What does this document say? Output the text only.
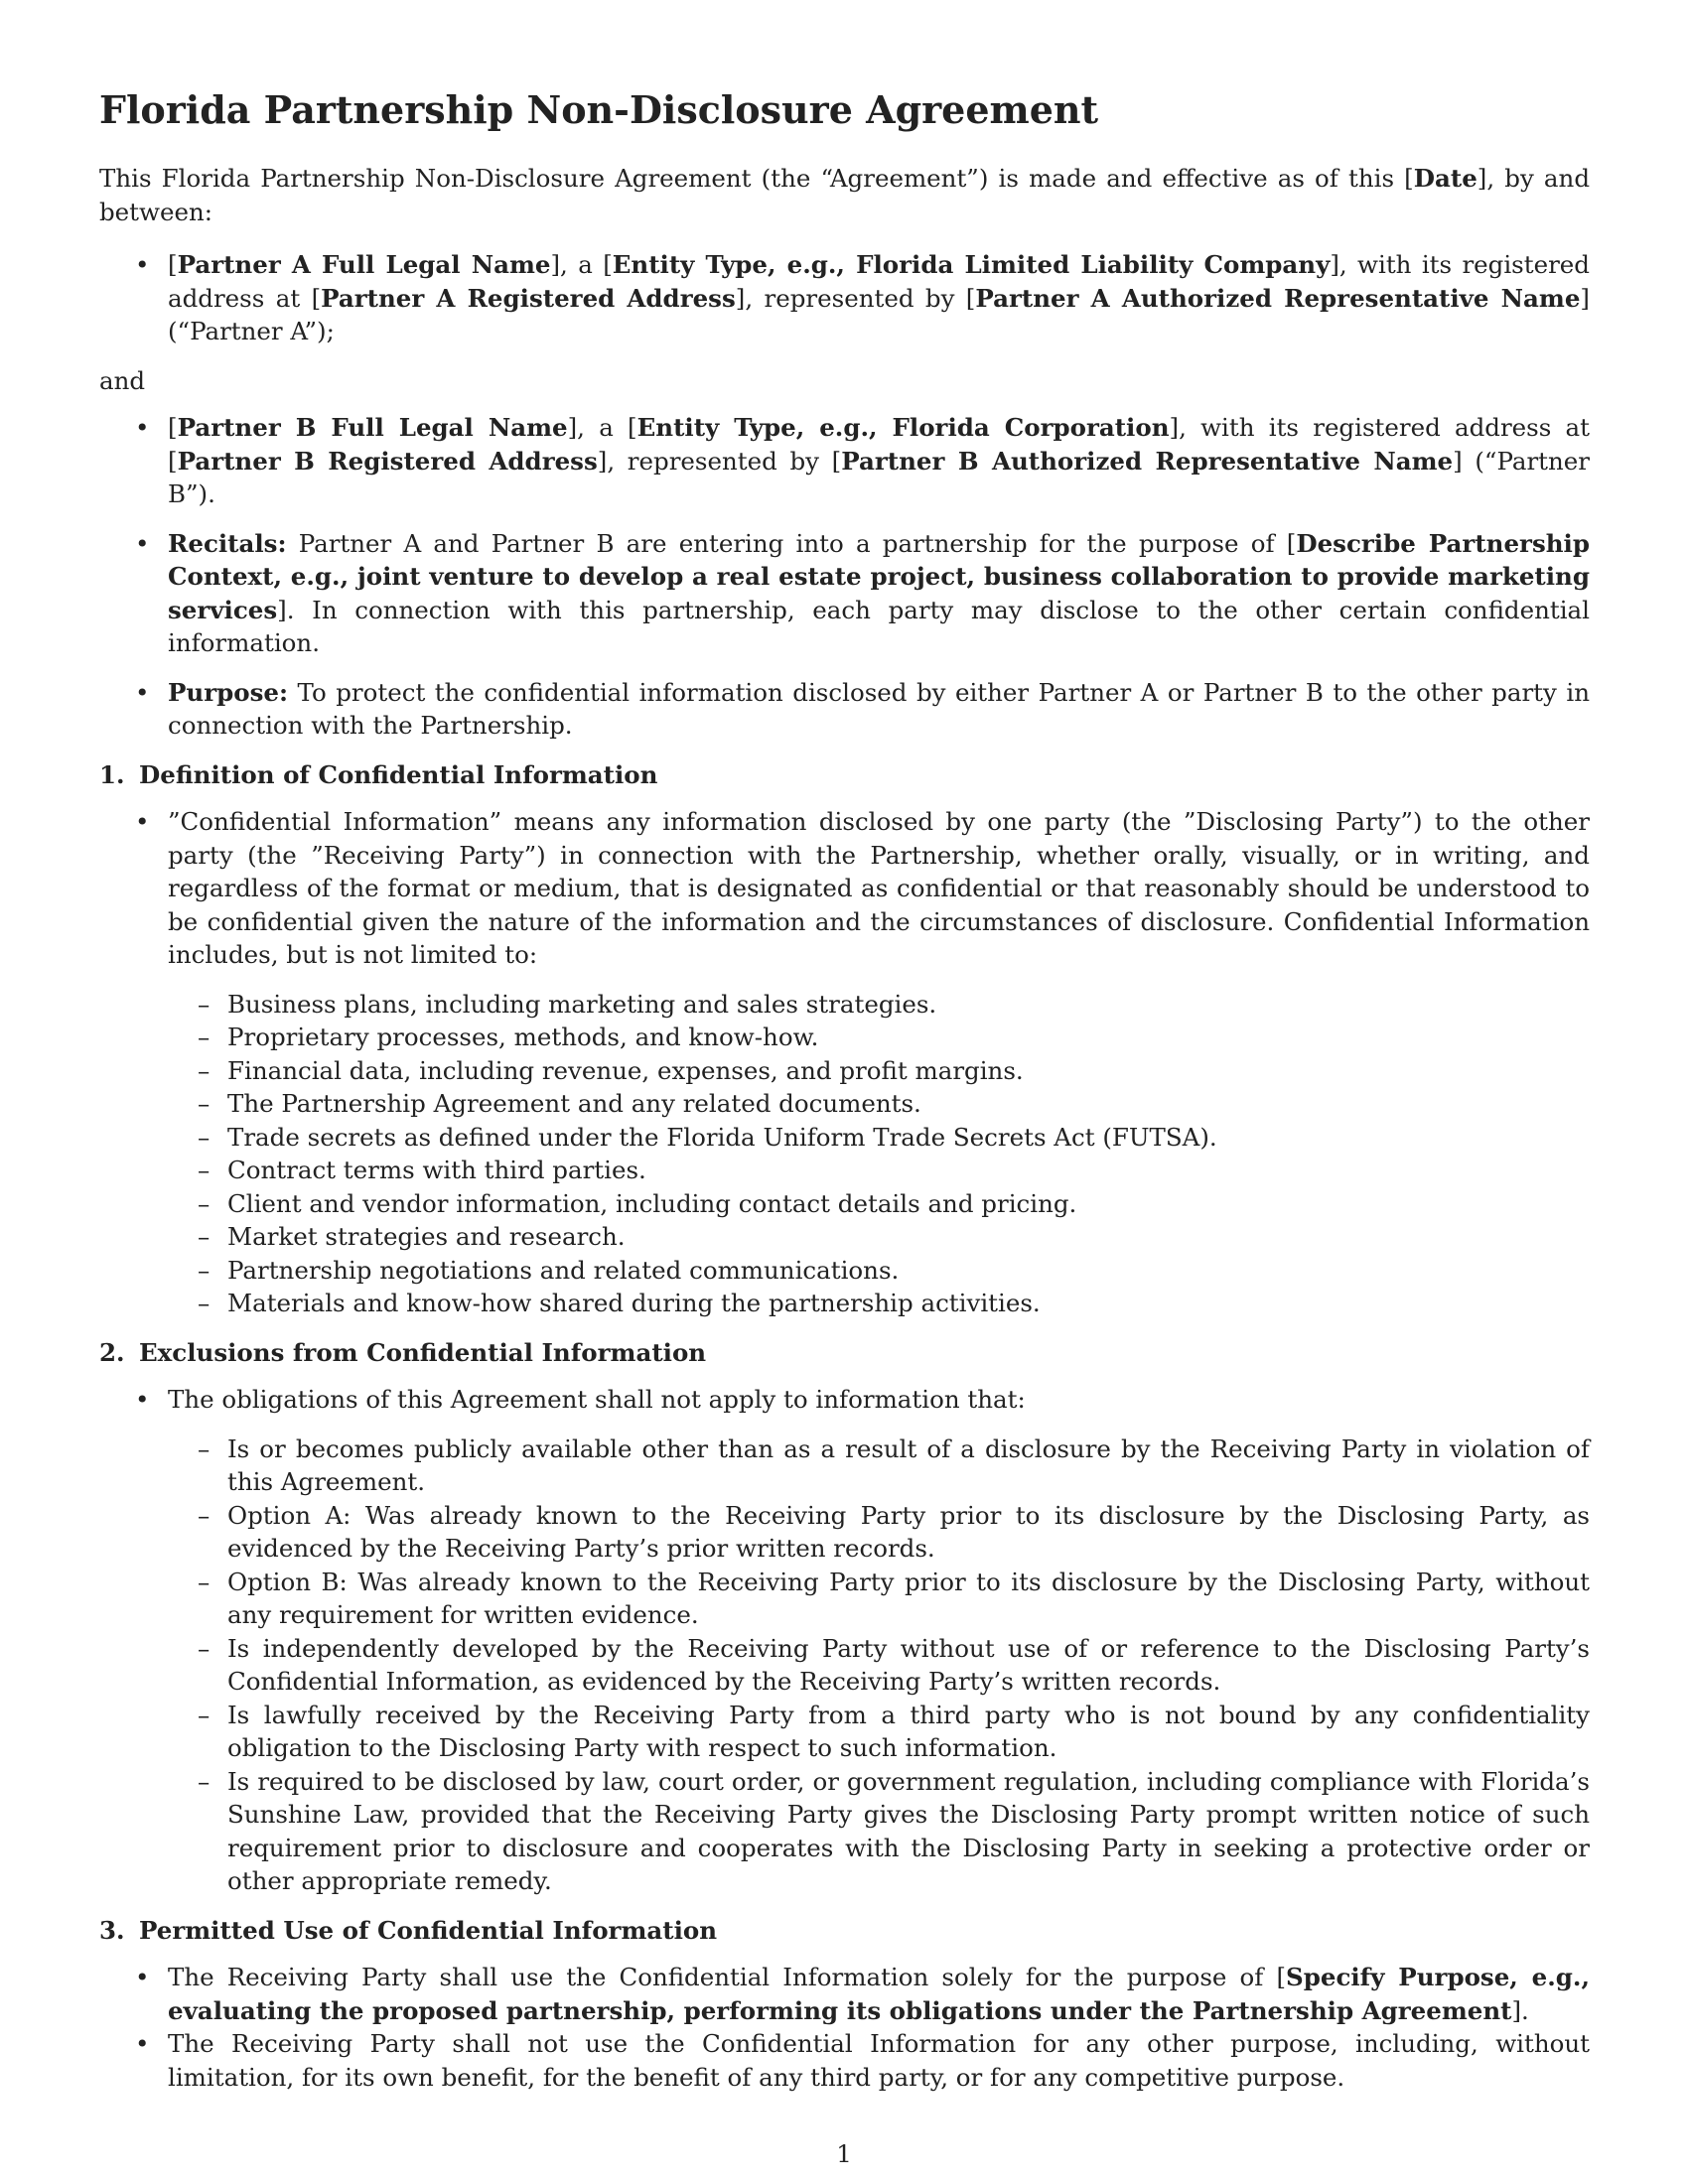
Florida Partnership Non-Disclosure Agreement

This Florida Partnership Non-Disclosure Agreement (the “Agreement”) is made and effective as of this [Date], by and between:

• [Partner A Full Legal Name], a [Entity Type, e.g., Florida Limited Liability Company], with its registered address at [Partner A Registered Address], represented by [Partner A Authorized Representative Name] (“Partner A”);

and

• [Partner B Full Legal Name], a [Entity Type, e.g., Florida Corporation], with its registered address at [Partner B Registered Address], represented by [Partner B Authorized Representative Name] (“Partner B”).
• Recitals: Partner A and Partner B are entering into a partnership for the purpose of [Describe Partnership Context, e.g., joint venture to develop a real estate project, business collaboration to provide marketing services]. In connection with this partnership, each party may disclose to the other certain confidential information.
• Purpose: To protect the confidential information disclosed by either Partner A or Partner B to the other party in connection with the Partnership.
1. Definition of Confidential Information
• ”Confidential Information” means any information disclosed by one party (the ”Disclosing Party”) to the other party (the ”Receiving Party”) in connection with the Partnership, whether orally, visually, or in writing, and regardless of the format or medium, that is designated as confidential or that reasonably should be understood to be confidential given the nature of the information and the circumstances of disclosure. Confidential Information includes, but is not limited to:
– Business plans, including marketing and sales strategies.
– Proprietary processes, methods, and know-how.
– Financial data, including revenue, expenses, and profit margins.
– The Partnership Agreement and any related documents.
– Trade secrets as defined under the Florida Uniform Trade Secrets Act (FUTSA).
– Contract terms with third parties.
– Client and vendor information, including contact details and pricing.
– Market strategies and research.
– Partnership negotiations and related communications.
– Materials and know-how shared during the partnership activities.
2. Exclusions from Confidential Information
• The obligations of this Agreement shall not apply to information that:
– Is or becomes publicly available other than as a result of a disclosure by the Receiving Party in violation of this Agreement.
– Option A: Was already known to the Receiving Party prior to its disclosure by the Disclosing Party, as evidenced by the Receiving Party’s prior written records.
– Option B: Was already known to the Receiving Party prior to its disclosure by the Disclosing Party, without any requirement for written evidence.
– Is independently developed by the Receiving Party without use of or reference to the Disclosing Party’s Confidential Information, as evidenced by the Receiving Party’s written records.
– Is lawfully received by the Receiving Party from a third party who is not bound by any confidentiality obligation to the Disclosing Party with respect to such information.
– Is required to be disclosed by law, court order, or government regulation, including compliance with Florida’s Sunshine Law, provided that the Receiving Party gives the Disclosing Party prompt written notice of such requirement prior to disclosure and cooperates with the Disclosing Party in seeking a protective order or other appropriate remedy.
3. Permitted Use of Confidential Information
• The Receiving Party shall use the Confidential Information solely for the purpose of [Specify Purpose, e.g., evaluating the proposed partnership, performing its obligations under the Partnership Agreement].
• The Receiving Party shall not use the Confidential Information for any other purpose, including, without limitation, for its own benefit, for the benefit of any third party, or for any competitive purpose.
1
